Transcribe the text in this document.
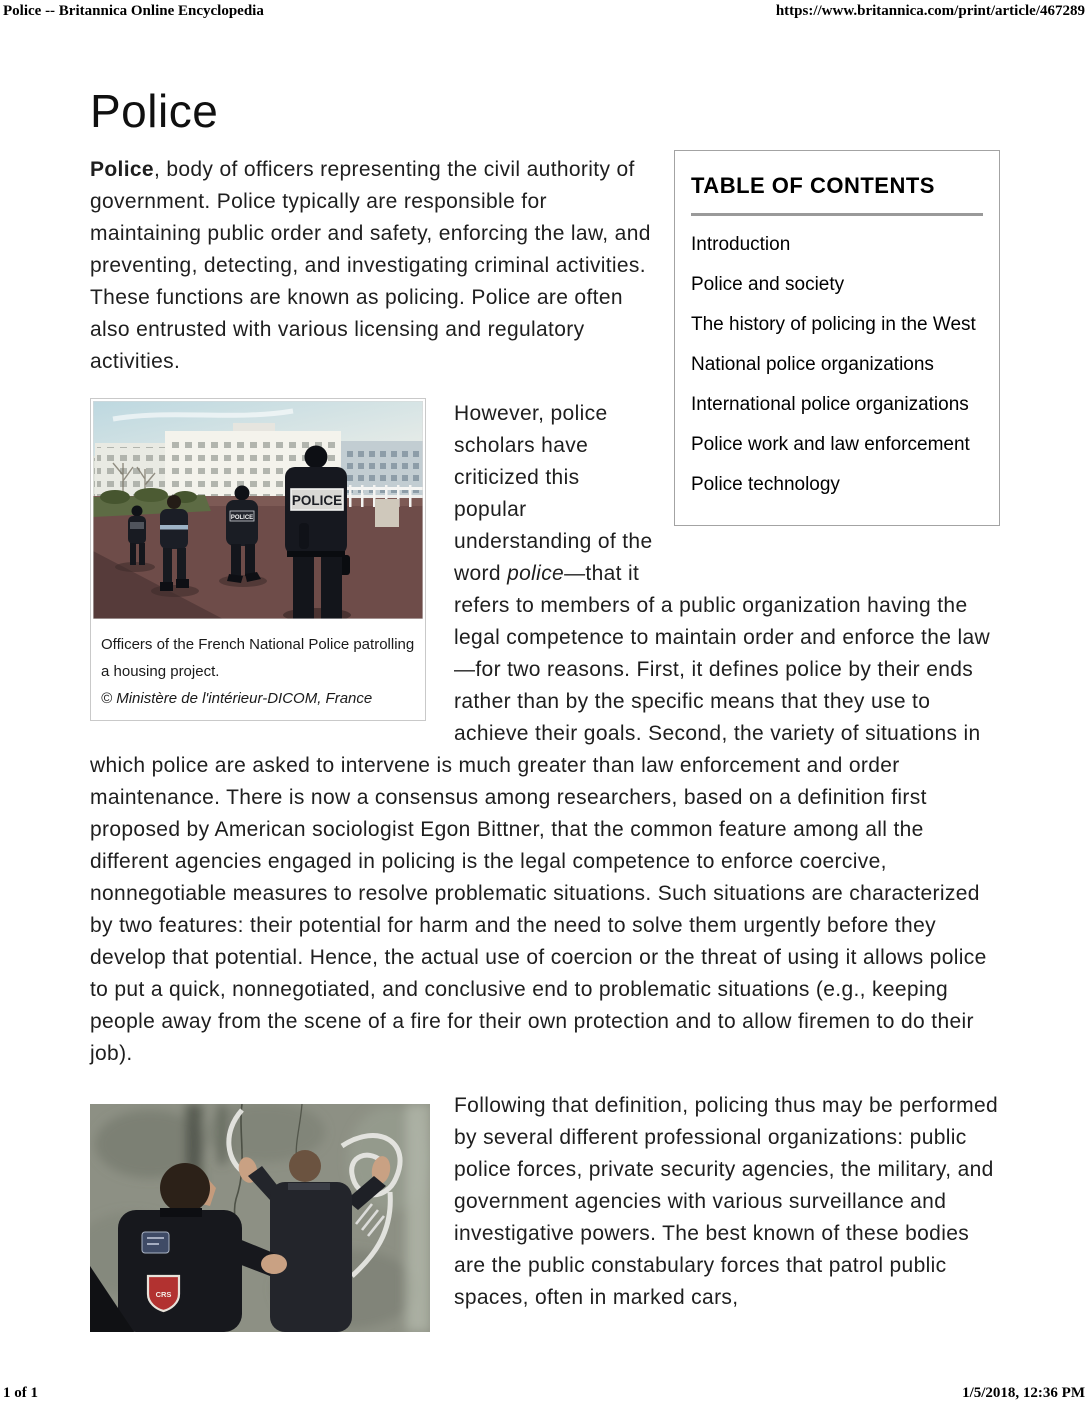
Police -- Britannica Online Encyclopedia	https://www.britannica.com/print/article/467289
Police
TABLE OF CONTENTS
Introduction
Police and society
The history of policing in the West
National police organizations
International police organizations
Police work and law enforcement
Police technology

Police, body of officers representing the civil authority of government. Police typically are responsible for maintaining public order and safety, enforcing the law, and preventing, detecting, and investigating criminal activities. These functions are known as policing. Police are often also entrusted with various licensing and regulatory activities.

POLICE
POLICE
Officers of the French National Police patrolling a housing project.
© Ministère de l'intérieur-DICOM, France

However, police scholars have criticized this popular understanding of the word police—that it refers to members of a public organization having the legal competence to maintain order and enforce the law—for two reasons. First, it defines police by their ends rather than by the specific means that they use to achieve their goals. Second, the variety of situations in which police are asked to intervene is much greater than law enforcement and order maintenance. There is now a consensus among researchers, based on a definition first proposed by American sociologist Egon Bittner, that the common feature among all the different agencies engaged in policing is the legal competence to enforce coercive, nonnegotiable measures to resolve problematic situations. Such situations are characterized by two features: their potential for harm and the need to solve them urgently before they develop that potential. Hence, the actual use of coercion or the threat of using it allows police to put a quick, nonnegotiated, and conclusive end to problematic situations (e.g., keeping people away from the scene of a fire for their own protection and to allow firemen to do their job).

CRS

Following that definition, policing thus may be performed by several different professional organizations: public police forces, private security agencies, the military, and government agencies with various surveillance and investigative powers. The best known of these bodies are the public constabulary forces that patrol public spaces, often in marked cars,

1 of 1	1/5/2018, 12:36 PM
